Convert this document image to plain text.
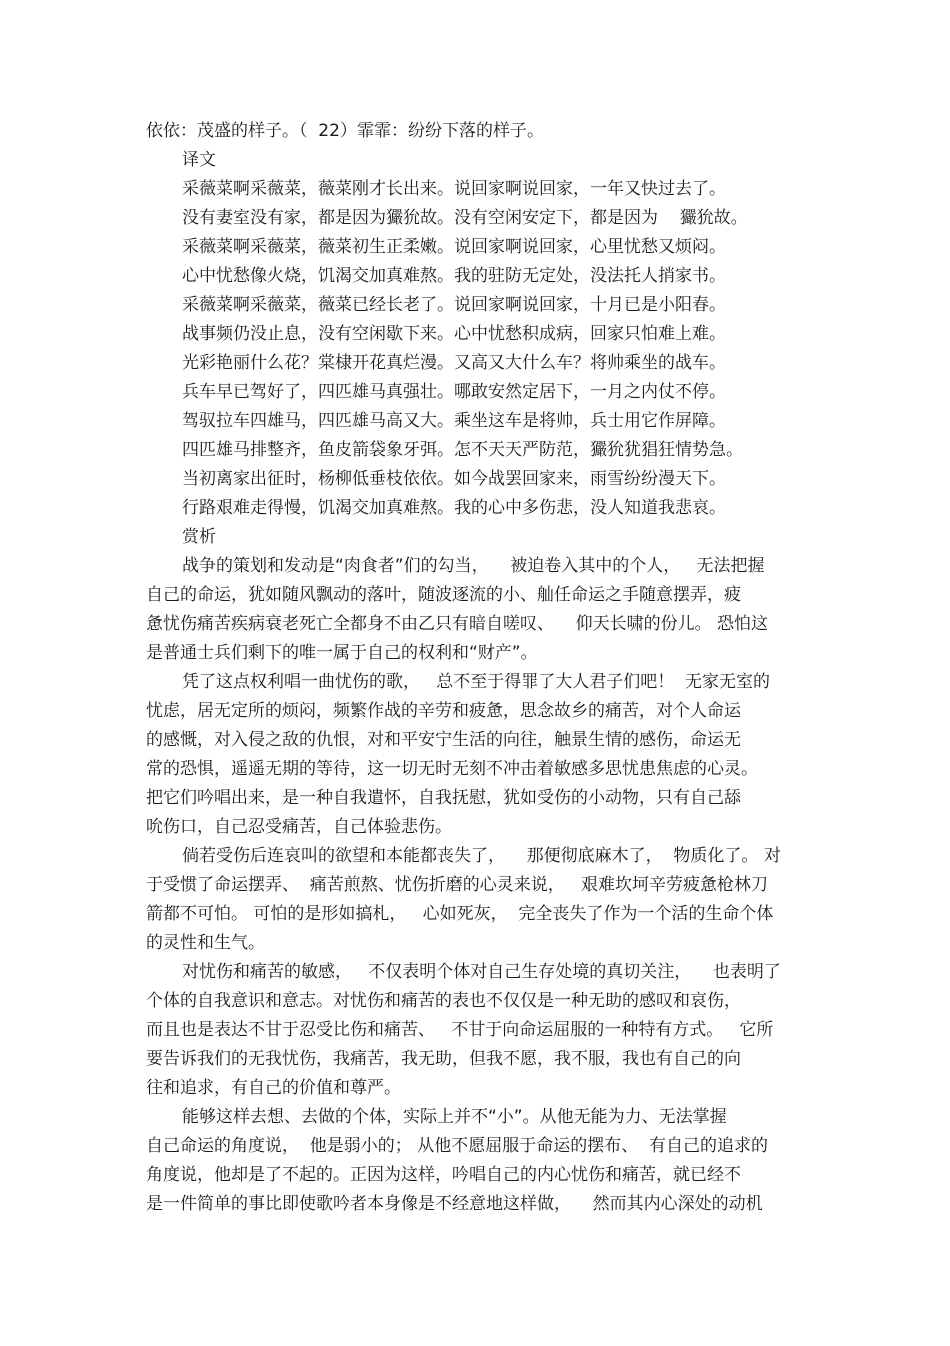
依依：茂盛的样子。（  22）霏霏：纷纷下落的样子。
译文
采薇菜啊采薇菜，薇菜刚才长出来。说回家啊说回家，一年又快过去了。
没有妻室没有家，都是因为玁狁故。没有空闲安定下，都是因为    玁狁故。
采薇菜啊采薇菜，薇菜初生正柔嫩。说回家啊说回家，心里忧愁又烦闷。
心中忧愁像火烧，饥渴交加真难熬。我的驻防无定处，没法托人捎家书。
采薇菜啊采薇菜，薇菜已经长老了。说回家啊说回家，十月已是小阳春。
战事频仍没止息，没有空闲歇下来。心中忧愁积成病，回家只怕难上难。
光彩艳丽什么花？棠棣开花真烂漫。又高又大什么车？将帅乘坐的战车。
兵车早已驾好了，四匹雄马真强壮。哪敢安然定居下，一月之内仗不停。
驾驭拉车四雄马，四匹雄马高又大。乘坐这车是将帅，兵士用它作屏障。
四匹雄马排整齐，鱼皮箭袋象牙弭。怎不天天严防范，玁狁犹猖狂情势急。
当初离家出征时，杨柳低垂枝依依。如今战罢回家来，雨雪纷纷漫天下。
行路艰难走得慢，饥渴交加真难熬。我的心中多伤悲，没人知道我悲哀。
赏析
战争的策划和发动是“肉食者”们的勾当，    被迫卷入其中的个人，   无法把握
自己的命运，犹如随风飘动的落叶，随波逐流的小、舢任命运之手随意摆弄，疲
惫忧伤痛苦疾病衰老死亡全都身不由乙只有暗自嗟叹、    仰天长啸的份儿。 恐怕这
是普通士兵们剩下的唯一属于自己的权利和“财产”。
凭了这点权利唱一曲忧伤的歌，   总不至于得罪了大人君子们吧！  无家无室的
忧虑，居无定所的烦闷，频繁作战的辛劳和疲惫，思念故乡的痛苦，对个人命运
的感慨，对入侵之敌的仇恨，对和平安宁生活的向往，触景生情的感伤，命运无
常的恐惧，遥遥无期的等待，这一切无时无刻不冲击着敏感多思忧患焦虑的心灵。
把它们吟唱出来，是一种自我遣怀，自我抚慰，犹如受伤的小动物，只有自己舔
吮伤口，自己忍受痛苦，自己体验悲伤。
倘若受伤后连哀叫的欲望和本能都丧失了，    那便彻底麻木了，  物质化了。 对
于受惯了命运摆弄、  痛苦煎熬、忧伤折磨的心灵来说，   艰难坎坷辛劳疲惫枪林刀
箭都不可怕。 可怕的是形如搞札，   心如死灰，  完全丧失了作为一个活的生命个体
的灵性和生气。
对忧伤和痛苦的敏感，   不仅表明个体对自己生存处境的真切关注，    也表明了
个体的自我意识和意志。对忧伤和痛苦的表也不仅仅是一种无助的感叹和哀伤，
而且也是表达不甘于忍受比伤和痛苦、   不甘于向命运屈服的一种特有方式。   它所
要告诉我们的无我忧伤，我痛苦，我无助，但我不愿，我不服，我也有自己的向
往和追求，有自己的价值和尊严。
能够这样去想、去做的个体，实际上并不“小”。从他无能为力、无法掌握
自己命运的角度说，  他是弱小的； 从他不愿屈服于命运的摆布、  有自己的追求的
角度说，他却是了不起的。正因为这样，吟唱自己的内心忧伤和痛苦，就已经不
是一件简单的事比即使歌吟者本身像是不经意地这样做，    然而其内心深处的动机
